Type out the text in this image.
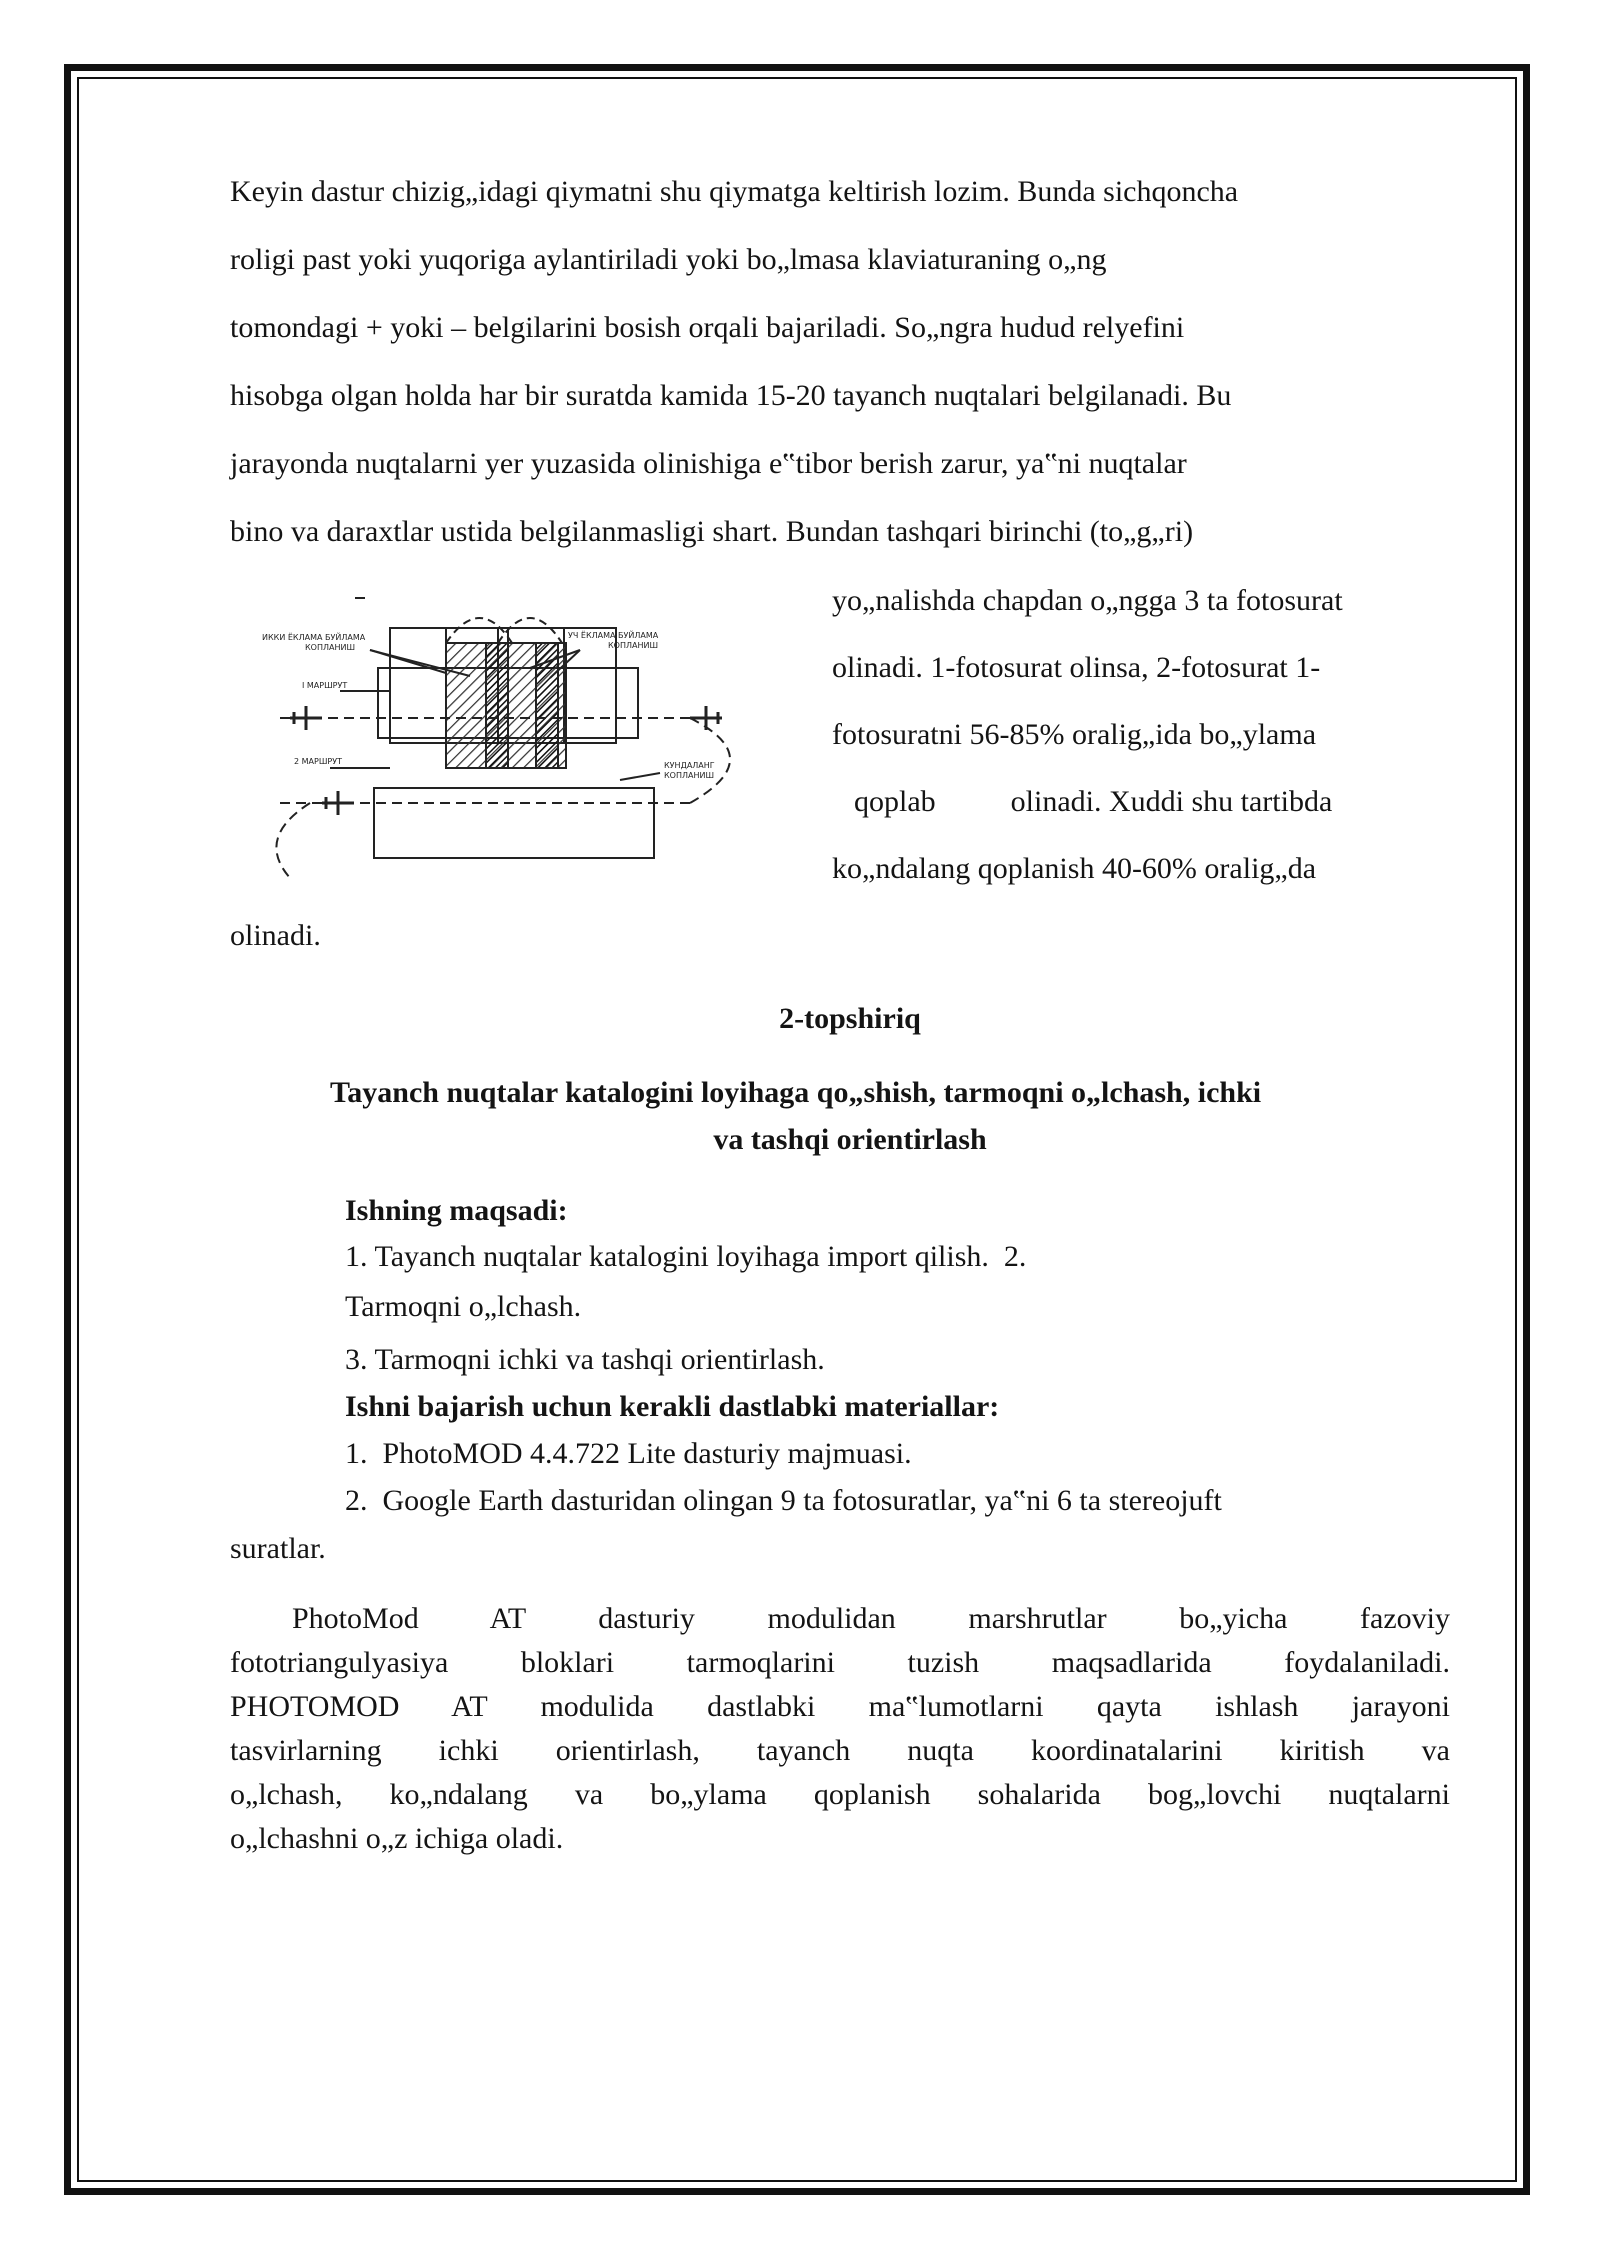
Keyin dastur chizig„idagi qiymatni shu qiymatga keltirish lozim. Bunda sichqoncha
roligi past yoki yuqoriga aylantiriladi yoki bo„lmasa klaviaturaning o„ng
tomondagi + yoki – belgilarini bosish orqali bajariladi. So„ngra hudud relyefini
hisobga olgan holda har bir suratda kamida 15-20 tayanch nuqtalari belgilanadi. Bu
jarayonda nuqtalarni yer yuzasida olinishiga e‟tibor berish zarur, ya‟ni nuqtalar
bino va daraxtlar ustida belgilanmasligi shart. Bundan tashqari birinchi (to„g„ri)
ИККИ ЁКЛАМА БУЙЛАМА
КОПЛАНИШ
I МАРШРУТ
2 МАРШРУТ
УЧ ЁКЛАМА БУЙЛАМА
КОПЛАНИШ
КУНДАЛАНГ
КОПЛАНИШ
yo„nalishda chapdan o„ngga 3 ta fotosurat
olinadi. 1-fotosurat olinsa, 2-fotosurat 1-
fotosuratni 56-85% oralig„ida bo„ylama
qoplab          olinadi. Xuddi shu tartibda
ko„ndalang qoplanish 40-60% oralig„da
olinadi.
2-topshiriq
Tayanch nuqtalar katalogini loyihaga qo„shish, tarmoqni o„lchash, ichki
va tashqi orientirlash
Ishning maqsadi:
1. Tayanch nuqtalar katalogini loyihaga import qilish.  2.
Tarmoqni o„lchash.
3. Tarmoqni ichki va tashqi orientirlash.
Ishni bajarish uchun kerakli dastlabki materiallar:
1.  PhotoMOD 4.4.722 Lite dasturiy majmuasi.
2.  Google Earth dasturidan olingan 9 ta fotosuratlar, ya‟ni 6 ta stereojuft
suratlar.
PhotoMod AT dasturiy modulidan marshrutlar bo„yicha fazoviy
fototriangulyasiya bloklari tarmoqlarini tuzish maqsadlarida foydalaniladi.
PHOTOMOD AT modulida dastlabki ma‟lumotlarni qayta ishlash jarayoni
tasvirlarning ichki orientirlash, tayanch nuqta koordinatalarini kiritish va
o„lchash, ko„ndalang va bo„ylama qoplanish sohalarida bog„lovchi nuqtalarni
o„lchashni o„z ichiga oladi.
